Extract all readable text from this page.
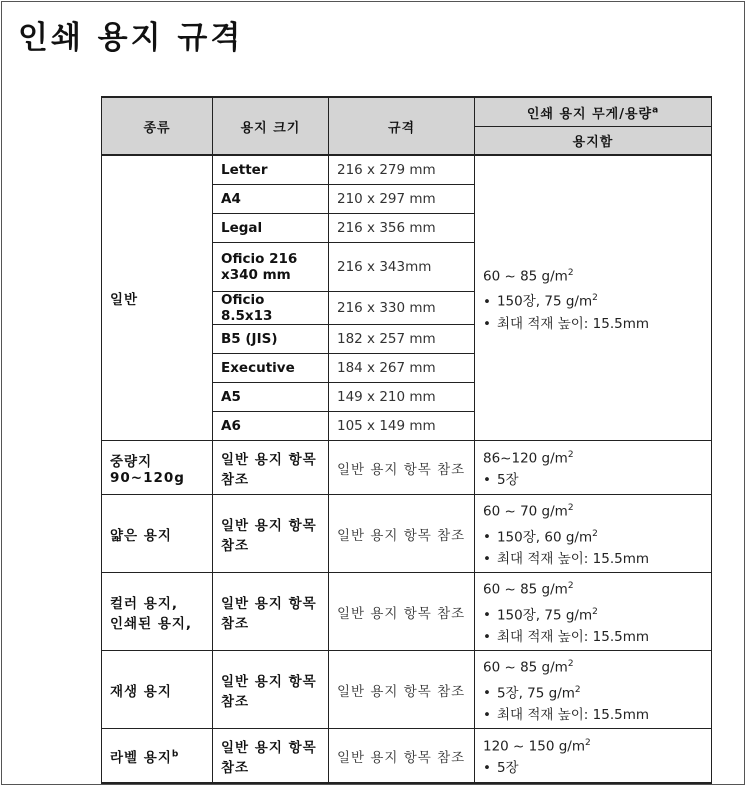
인쇄 용지 규격
종류	용지 크기	규격	인쇄 용지 무게/용량$^a$
			용지함
일반	Letter	216 x 279 mm	60 ~ 85 $g/m^2$
• 150장, 75 $g/m^2$
• 최대 적재 높이: 15.5mm

	A4	210 x 297 mm	
	Legal	216 x 356 mm	
	Oficio 216 x340 mm	216 x 343mm	
	Oficio 8.5x13	216 x 330 mm	
	B5 (JIS)	182 x 257 mm	
	Executive	184 x 267 mm	
	A5	149 x 210 mm	
	A6	105 x 149 mm	

중량지
90~120g	일반 용지 항목 참조	일반 용지 항목 참조	86~120 $g/m^2$
• 5장

얇은 용지	일반 용지 항목 참조	일반 용지 항목 참조	60 ~ 70 $g/m^2$
• 150장, 60 $g/m^2$
• 최대 적재 높이: 15.5mm

컬러 용지,
인쇄된 용지,	일반 용지 항목 참조	일반 용지 항목 참조	60 ~ 85 $g/m^2$
• 150장, 75 $g/m^2$
• 최대 적재 높이: 15.5mm

재생 용지	일반 용지 항목 참조	일반 용지 항목 참조	60 ~ 85 $g/m^2$
• 5장, 75 $g/m^2$
• 최대 적재 높이: 15.5mm

라벨 용지$^b$	일반 용지 항목 참조	일반 용지 항목 참조	120 ~ 150 $g/m^2$
• 5장
